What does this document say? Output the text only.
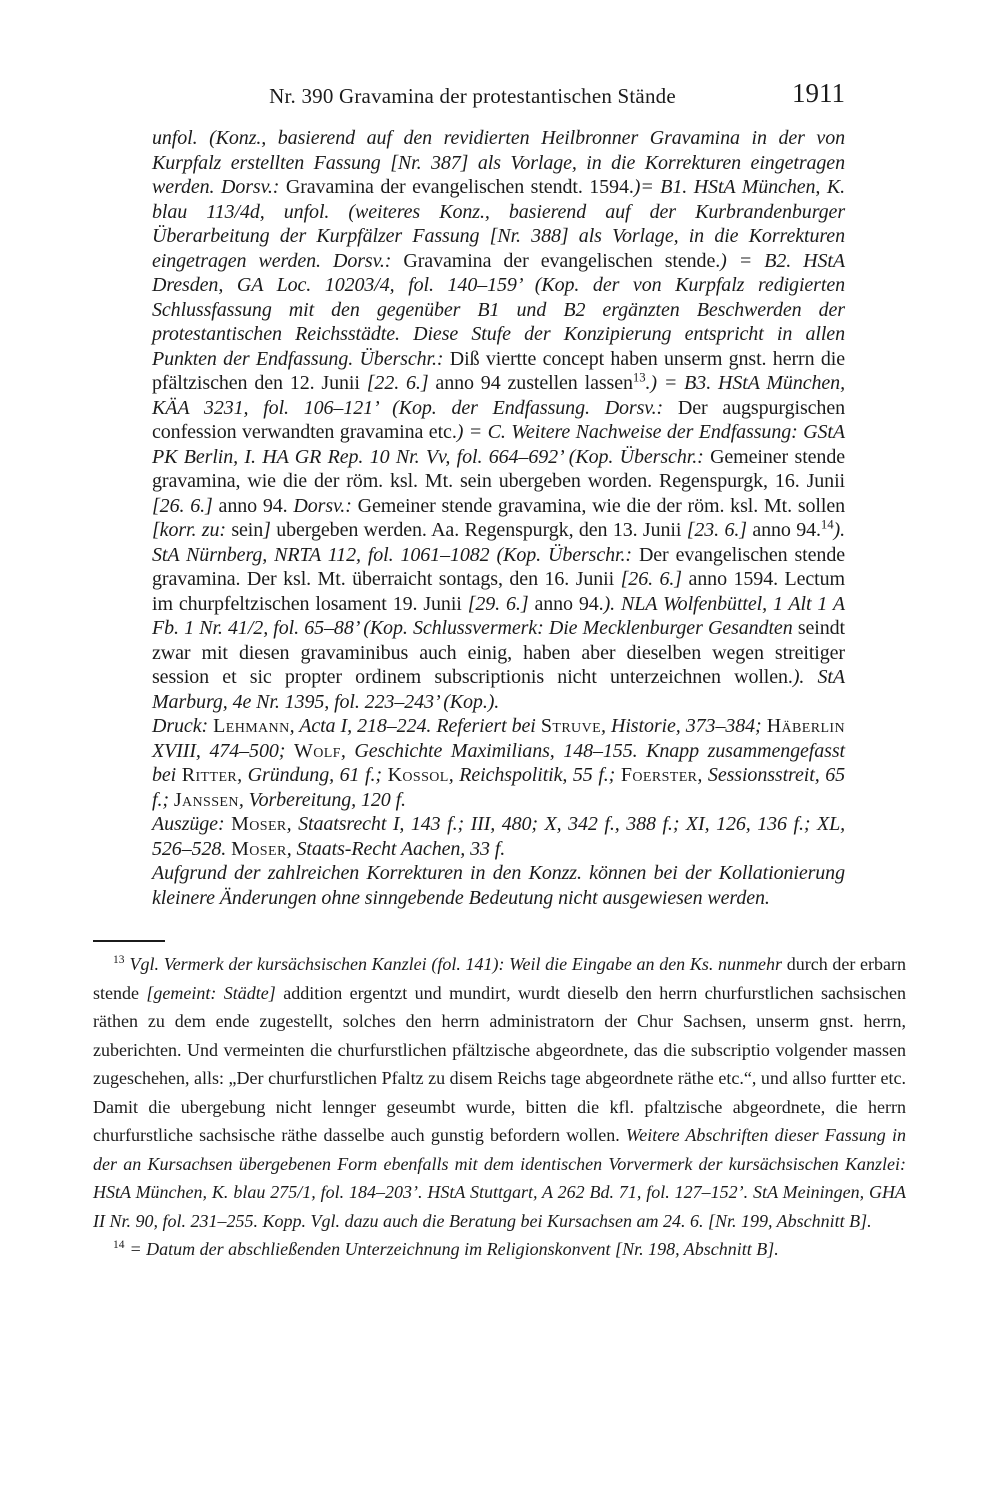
Nr. 390 Gravamina der protestantischen Stände	1911

unfol. (Konz., basierend auf den revidierten Heilbronner Gravamina in der von Kurpfalz erstellten Fassung [Nr. 387] als Vorlage, in die Korrekturen eingetragen werden. Dorsv.: Gravamina der evangelischen stendt. 1594.)= B1. HStA München, K. blau 113/4d, unfol. (weiteres Konz., basierend auf der Kurbrandenburger Überarbeitung der Kurpfälzer Fassung [Nr. 388] als Vorlage, in die Korrekturen eingetragen werden. Dorsv.: Gravamina der evangelischen stende.) = B2. HStA Dresden, GA Loc. 10203/4, fol. 140–159’ (Kop. der von Kurpfalz redigierten Schlussfassung mit den gegenüber B1 und B2 ergänzten Beschwerden der protestantischen Reichsstädte. Diese Stufe der Konzipierung entspricht in allen Punkten der Endfassung. Überschr.: Diß viertte concept haben unserm gnst. herrn die pfältzischen den 12. Junii [22. 6.] anno 94 zustellen lassen$^{13}$.) = B3. HStA München, KÄA 3231, fol. 106–121’ (Kop. der Endfassung. Dorsv.: Der augspurgischen confession verwandten gravamina etc.) = C. Weitere Nachweise der Endfassung: GStA PK Berlin, I. HA GR Rep. 10 Nr. Vv, fol. 664–692’ (Kop. Überschr.: Gemeiner stende gravamina, wie die der röm. ksl. Mt. sein ubergeben worden. Regenspurgk, 16. Junii [26. 6.] anno 94. Dorsv.: Gemeiner stende gravamina, wie die der röm. ksl. Mt. sollen [korr. zu: sein] ubergeben werden. Aa. Regenspurgk, den 13. Junii [23. 6.] anno 94.14). StA Nürnberg, NRTA 112, fol. 1061–1082 (Kop. Überschr.: Der evangelischen stende gravamina. Der ksl. Mt. überraicht sontags, den 16. Junii [26. 6.] anno 1594. Lectum im churpfeltzischen losament 19. Junii [29. 6.] anno 94.). NLA Wolfenbüttel, 1 Alt 1 A Fb. 1 Nr. 41/2, fol. 65–88’ (Kop. Schlussvermerk: Die Mecklenburger Gesandten seindt zwar mit diesen gravaminibus auch einig, haben aber dieselben wegen streitiger session et sic propter ordinem subscriptionis nicht unterzeichnen wollen.). StA Marburg, 4e Nr. 1395, fol. 223–243’ (Kop.).

Druck: Lehmann, Acta I, 218–224. Referiert bei Struve, Historie, 373–384; Häberlin XVIII, 474–500; Wolf, Geschichte Maximilians, 148–155. Knapp zusammengefasst bei Ritter, Gründung, 61 f.; Kossol, Reichspolitik, 55 f.; Foerster, Sessionsstreit, 65 f.; Janssen, Vorbereitung, 120 f.

Auszüge: Moser, Staatsrecht I, 143 f.; III, 480; X, 342 f., 388 f.; XI, 126, 136 f.; XL, 526–528. Moser, Staats-Recht Aachen, 33 f.

Aufgrund der zahlreichen Korrekturen in den Konzz. können bei der Kollationierung kleinere Änderungen ohne sinngebende Bedeutung nicht ausgewiesen werden.

$^{13}$ Vgl. Vermerk der kursächsischen Kanzlei (fol. 141): Weil die Eingabe an den Ks. nunmehr durch der erbarn stende [gemeint: Städte] addition ergentzt und mundirt, wurdt dieselb den herrn churfurstlichen sachsischen räthen zu dem ende zugestellt, solches den herrn administratorn der Chur Sachsen, unserm gnst. herrn, zuberichten. Und vermeinten die churfurstlichen pfältzische abgeordnete, das die subscriptio volgender massen zugeschehen, alls: „Der churfurstlichen Pfaltz zu disem Reichs tage abgeordnete räthe etc.“, und allso furtter etc. Damit die ubergebung nicht lennger geseumbt wurde, bitten die kfl. pfaltzische abgeordnete, die herrn churfurstliche sachsische räthe dasselbe auch gunstig befordern wollen. Weitere Abschriften dieser Fassung in der an Kursachsen übergebenen Form ebenfalls mit dem identischen Vorvermerk der kursächsischen Kanzlei: HStA München, K. blau 275/1, fol. 184–203’. HStA Stuttgart, A 262 Bd. 71, fol. 127–152’. StA Meiningen, GHA II Nr. 90, fol. 231–255. Kopp. Vgl. dazu auch die Beratung bei Kursachsen am 24. 6. [Nr. 199, Abschnitt B].

$^{14}$ = Datum der abschließenden Unterzeichnung im Religionskonvent [Nr. 198, Abschnitt B].
